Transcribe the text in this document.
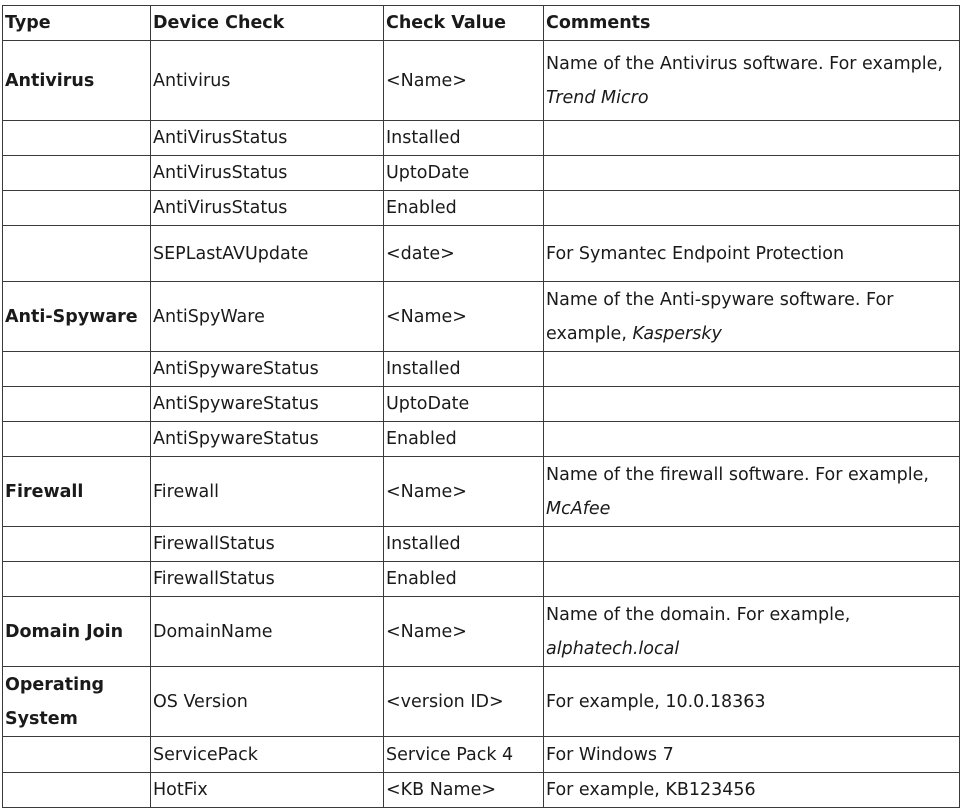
Type	Device Check	Check Value	Comments
Antivirus	Antivirus	<Name>	Name of the Antivirus software. For example,
Trend Micro
	AntiVirusStatus	Installed	
	AntiVirusStatus	UptoDate	
	AntiVirusStatus	Enabled	
	SEPLastAVUpdate	<date>	For Symantec Endpoint Protection
Anti-Spyware	AntiSpyWare	<Name>	Name of the Anti-spyware software. For example, Kaspersky
	AntiSpywareStatus	Installed	
	AntiSpywareStatus	UptoDate	
	AntiSpywareStatus	Enabled	
Firewall	Firewall	<Name>	Name of the firewall software. For example,
McAfee
	FirewallStatus	Installed	
	FirewallStatus	Enabled	
Domain Join	DomainName	<Name>	Name of the domain. For example,
alphatech.local
Operating System	OS Version	<version ID>	For example, 10.0.18363
	ServicePack	Service Pack 4	For Windows 7
	HotFix	<KB Name>	For example, KB123456
